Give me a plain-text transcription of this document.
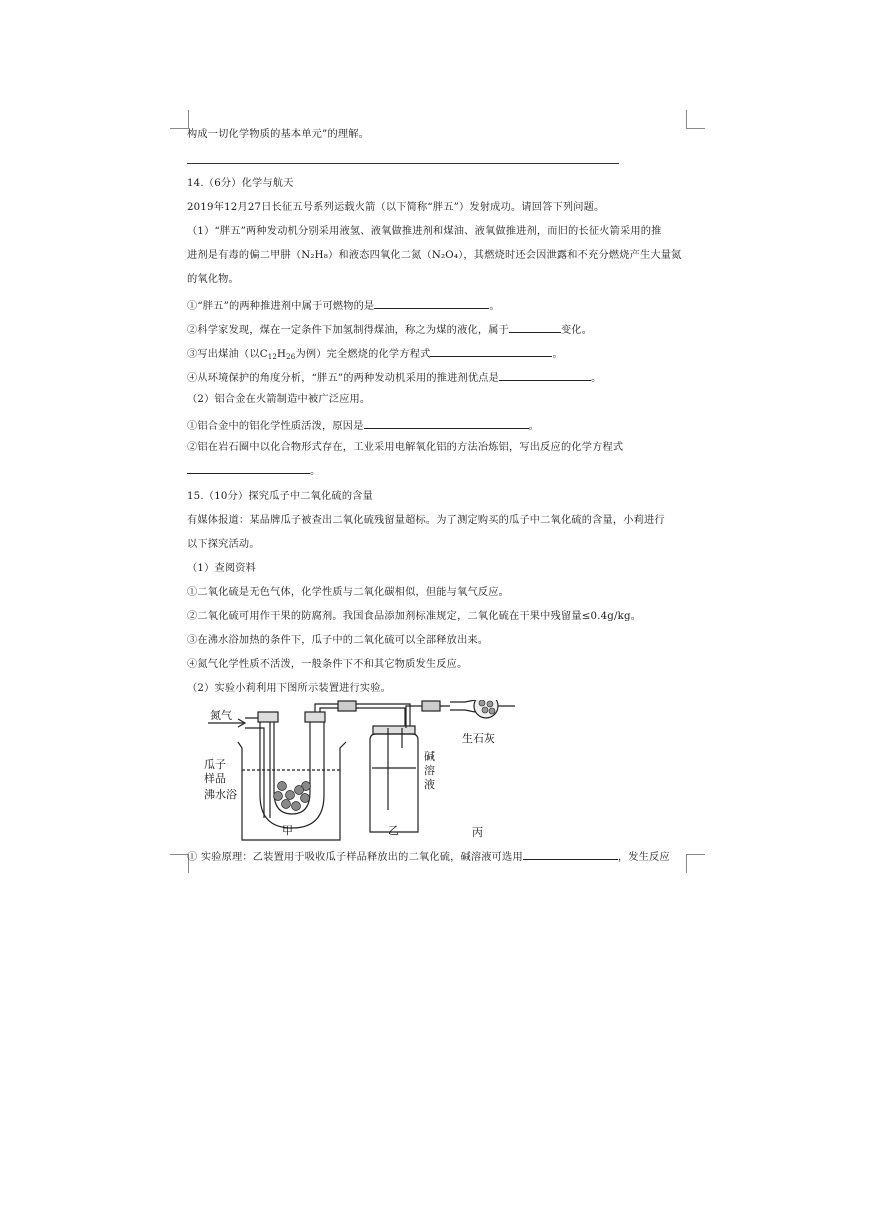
构成一切化学物质的基本单元”的理解。
14.（6分）化学与航天
2019年12月27日长征五号系列运载火箭（以下简称“胖五”）发射成功。请回答下列问题。
（1）“胖五”两种发动机分别采用液氢、液氧做推进剂和煤油、液氧做推进剂，而旧的长征火箭采用的推
进剂是有毒的偏二甲肼（N₂H₈）和液态四氧化二氮（N₂O₄），其燃烧时还会因泄露和不充分燃烧产生大量氮
的氧化物。
①“胖五”的两种推进剂中属于可燃物的是	。
②科学家发现，煤在一定条件下加氢制得煤油，称之为煤的液化，属于	变化。
③写出煤油（以$C_{12}H_{26}$为例）完全燃烧的化学方程式	。
④从环境保护的角度分析，“胖五”的两种发动机采用的推进剂优点是	。
（2）铝合金在火箭制造中被广泛应用。
①铝合金中的铝化学性质活泼，原因是	。
②铝在岩石圈中以化合物形式存在，工业采用电解氧化铝的方法冶炼铝，写出反应的化学方程式
。
15.（10分）探究瓜子中二氧化硫的含量
有媒体报道：某品牌瓜子被查出二氧化硫残留量超标。为了测定购买的瓜子中二氧化硫的含量，小莉进行
以下探究活动。
（1）查阅资料
①二氧化硫是无色气体，化学性质与二氧化碳相似，但能与氧气反应。
②二氧化硫可用作干果的防腐剂。我国食品添加剂标准规定，二氧化硫在干果中残留量≤0.4g/kg。
③在沸水浴加热的条件下，瓜子中的二氧化硫可以全部释放出来。
④氮气化学性质不活泼，一般条件下不和其它物质发生反应。
（2）实验小莉利用下图所示装置进行实验。
氮气
瓜子
样品
沸水浴
碱
溶
液
生石灰
甲	乙	丙
① 实验原理：乙装置用于吸收瓜子样品释放出的二氧化硫，碱溶液可选用	，发生反应
